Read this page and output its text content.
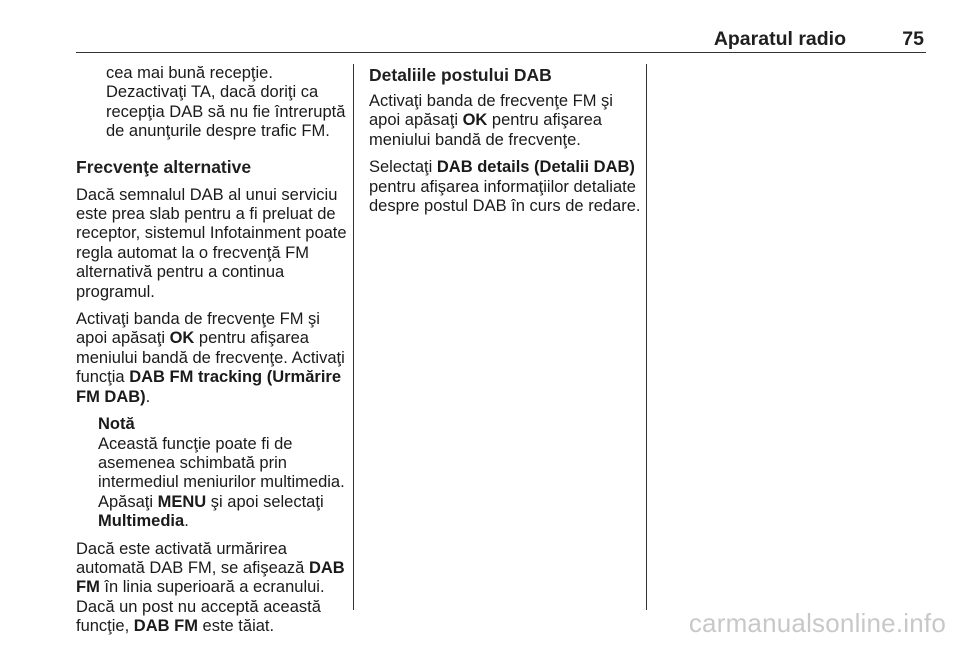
Aparatul radio	75
cea mai bună recepţie.
Dezactivaţi TA, dacă doriţi ca
recepţia DAB să nu fie întreruptă
de anunţurile despre trafic FM.
Frecvenţe alternative

Dacă semnalul DAB al unui serviciu este prea slab pentru a fi preluat de receptor, sistemul Infotainment poate regla automat la o frecvenţă FM alternativă pentru a continua programul.

Activaţi banda de frecvenţe FM şi apoi apăsaţi OK pentru afişarea meniului bandă de frecvenţe. Activaţi funcţia DAB FM tracking (Urmărire FM DAB).

Notă
Această funcţie poate fi de asemenea schimbată prin intermediul meniurilor multimedia. Apăsaţi MENU şi apoi selectaţi Multimedia.

Dacă este activată urmărirea automată DAB FM, se afişează DAB FM în linia superioară a ecranului. Dacă un post nu acceptă această funcţie, DAB FM este tăiat.

Detaliile postului DAB

Activaţi banda de frecvenţe FM şi apoi apăsaţi OK pentru afişarea meniului bandă de frecvenţe.

Selectaţi DAB details (Detalii DAB) pentru afişarea informaţiilor detaliate despre postul DAB în curs de redare.

carmanualsonline.info
